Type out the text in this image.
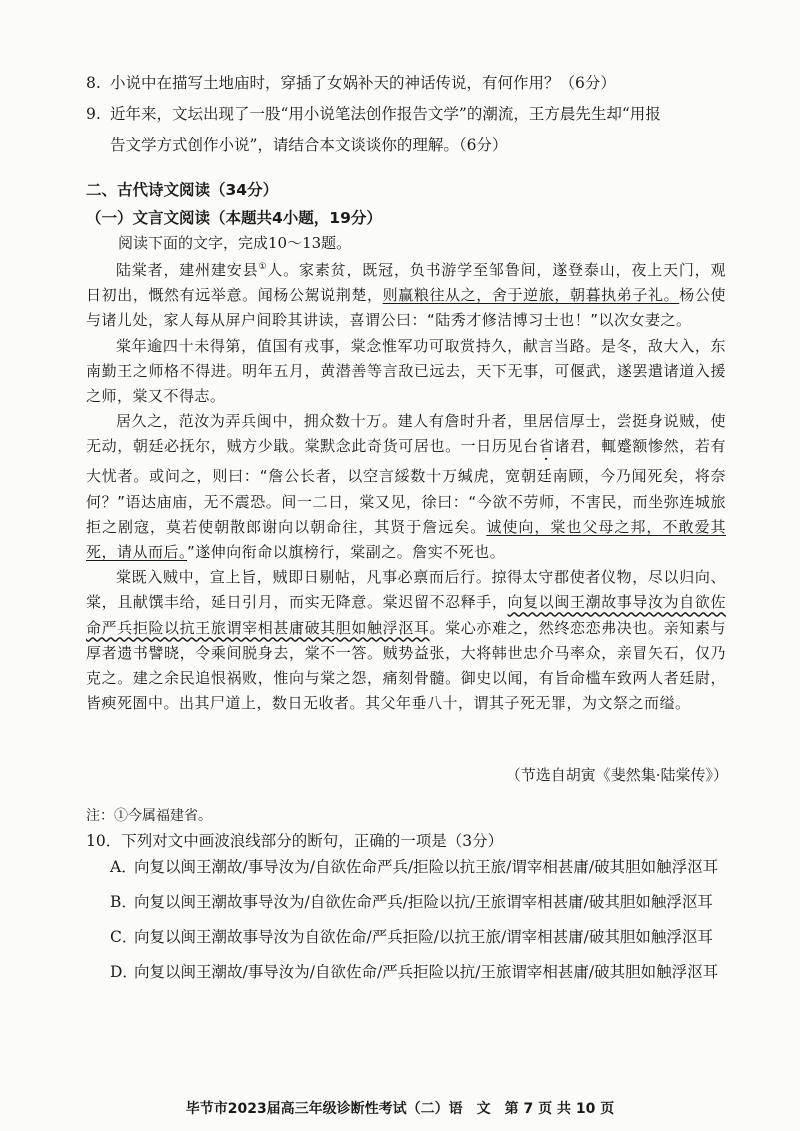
8. 小说中在描写土地庙时，穿插了女娲补天的神话传说，有何作用？（6分）
9. 近年来，文坛出现了一股“用小说笔法创作报告文学”的潮流，王方晨先生却“用报
告文学方式创作小说”，请结合本文谈谈你的理解。（6分）
二、古代诗文阅读（34分）
（一）文言文阅读（本题共4小题，19分）
阅读下面的文字，完成10～13题。

陆棠者，建州建安县①人。家素贫，既冠，负书游学至邹鲁间，遂登泰山，夜上天门，观日初出，慨然有远举意。闻杨公駕说荆楚，则赢粮往从之，舍于逆旅，朝暮执弟子礼。杨公使与诸儿处，家人每从屏户间聆其讲读，喜谓公曰：“陆秀才修洁博习士也！”以次女妻之。

棠年逾四十未得第，值国有戎事，棠念惟军功可取赏持久，献言当路。是冬，敌大入，东南勤王之师格不得进。明年五月，黄潜善等言敌已远去，天下无事，可偃武，遂罢遣诸道入援之师，棠又不得志。

居久之，范汝为弄兵闽中，拥众数十万。建人有詹时升者，里居信厚士，尝挺身说贼，使无动，朝廷必抚尔，贼方少戢。棠默念此奇货可居也。一日历见台省诸君，輒蹙额惨然，若有大忧者。或问之，则曰：“詹公长者，以空言綏数十万缄虎，宽朝廷南顾，今乃闻死矣，将奈何？”语达庙庙，无不震恐。间一二日，棠又见，徐曰：“今欲不劳师，不害民，而坐弥连城旅拒之剧寇，莫若使朝散郎谢向以朝命往，其贤于詹远矣。诚使向，棠也父母之邦，不敢爱其死，请从而后。”遂伸向衔命以旗榜行，棠副之。詹实不死也。

棠既入贼中，宣上旨，贼即日剔帖，凡事必禀而后行。掠得太守郡使者仪物，尽以归向、棠，且献馔丰给，延日引月，而实无降意。棠迟留不忍释手，向复以闽王潮故事导汝为自欲佐命严兵拒险以抗王旅谓宰相甚庸破其胆如触浮沤耳。棠心亦难之，然终恋恋弗决也。亲知素与厚者遗书譬晓，令乘间脱身去，棠不一答。贼势益张，大将韩世忠介马率众，亲冒矢石，仅乃克之。建之余民追恨祸败，惟向与棠之怨，痛刻骨髓。御史以闻，有旨命槛车致两人者廷尉，皆瘐死圄中。出其尸道上，数日无收者。其父年垂八十，谓其子死无罪，为文祭之而缢。

（节选自胡寅《斐然集·陆棠传》）
注：①今属福建省。
10．下列对文中画波浪线部分的断句，正确的一项是（3分）
A．向复以闽王潮故/事导汝为/自欲佐命严兵/拒险以抗王旅/谓宰相甚庸/破其胆如触浮沤耳
B．向复以闽王潮故事导汝为/自欲佐命严兵/拒险以抗/王旅谓宰相甚庸/破其胆如触浮沤耳
C．向复以闽王潮故事导汝为自欲佐命/严兵拒险/以抗王旅/谓宰相甚庸/破其胆如触浮沤耳
D．向复以闽王潮故/事导汝为/自欲佐命/严兵拒险以抗/王旅谓宰相甚庸/破其胆如触浮沤耳
毕节市2023届高三年级诊断性考试（二）语　文　第 7 页 共 10 页
